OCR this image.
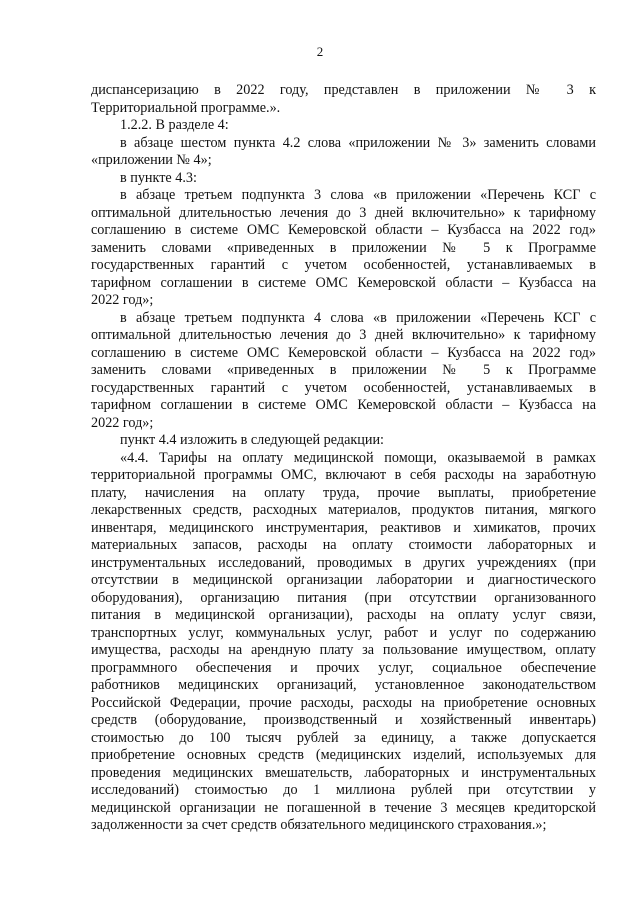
2
диспансеризацию в 2022 году, представлен в приложении № 3 к
Территориальной программе.».
1.2.2. В разделе 4:
в абзаце шестом пункта 4.2 слова «приложении № 3» заменить словами
«приложении № 4»;
в пункте 4.3:
в абзаце третьем подпункта 3 слова «в приложении «Перечень КСГ с
оптимальной длительностью лечения до 3 дней включительно» к тарифному
соглашению в системе ОМС Кемеровской области – Кузбасса на 2022 год»
заменить словами «приведенных в приложении № 5 к Программе
государственных гарантий с учетом особенностей, устанавливаемых в
тарифном соглашении в системе ОМС Кемеровской области – Кузбасса на
2022 год»;
в абзаце третьем подпункта 4 слова «в приложении «Перечень КСГ с
оптимальной длительностью лечения до 3 дней включительно» к тарифному
соглашению в системе ОМС Кемеровской области – Кузбасса на 2022 год»
заменить словами «приведенных в приложении № 5 к Программе
государственных гарантий с учетом особенностей, устанавливаемых в
тарифном соглашении в системе ОМС Кемеровской области – Кузбасса на
2022 год»;
пункт 4.4 изложить в следующей редакции:
«4.4. Тарифы на оплату медицинской помощи, оказываемой в рамках
территориальной программы ОМС, включают в себя расходы на заработную
плату, начисления на оплату труда, прочие выплаты, приобретение
лекарственных средств, расходных материалов, продуктов питания, мягкого
инвентаря, медицинского инструментария, реактивов и химикатов, прочих
материальных запасов, расходы на оплату стоимости лабораторных и
инструментальных исследований, проводимых в других учреждениях (при
отсутствии в медицинской организации лаборатории и диагностического
оборудования), организацию питания (при отсутствии организованного
питания в медицинской организации), расходы на оплату услуг связи,
транспортных услуг, коммунальных услуг, работ и услуг по содержанию
имущества, расходы на арендную плату за пользование имуществом, оплату
программного обеспечения и прочих услуг, социальное обеспечение
работников медицинских организаций, установленное законодательством
Российской Федерации, прочие расходы, расходы на приобретение основных
средств (оборудование, производственный и хозяйственный инвентарь)
стоимостью до 100 тысяч рублей за единицу, а также допускается
приобретение основных средств (медицинских изделий, используемых для
проведения медицинских вмешательств, лабораторных и инструментальных
исследований) стоимостью до 1 миллиона рублей при отсутствии у
медицинской организации не погашенной в течение 3 месяцев кредиторской
задолженности за счет средств обязательного медицинского страхования.»;
